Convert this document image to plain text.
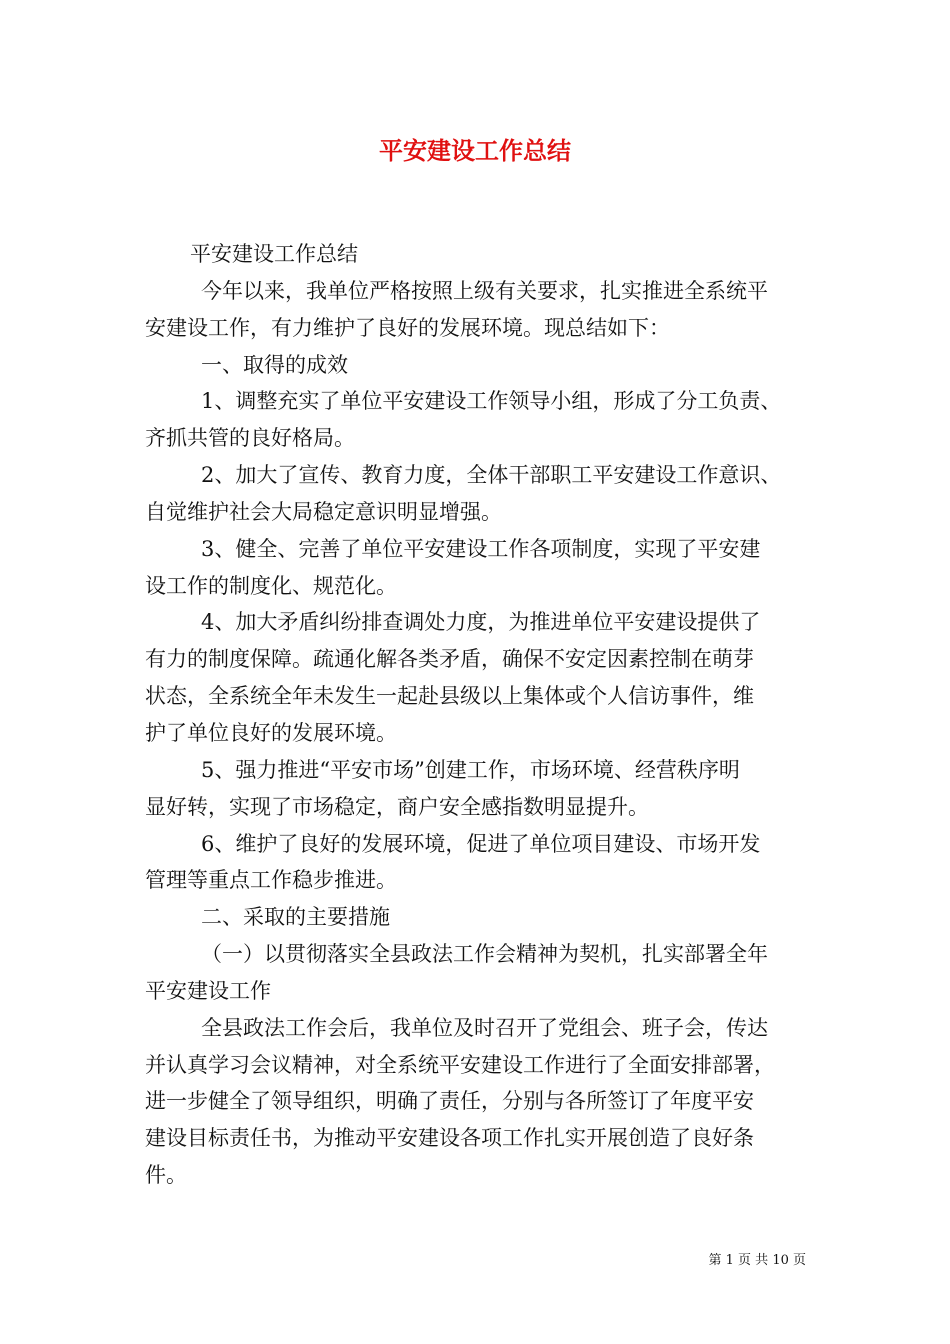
平安建设工作总结
平安建设工作总结
今年以来，我单位严格按照上级有关要求，扎实推进全系统平
安建设工作，有力维护了良好的发展环境。现总结如下：
一、取得的成效
1、调整充实了单位平安建设工作领导小组，形成了分工负责、
齐抓共管的良好格局。
2、加大了宣传、教育力度，全体干部职工平安建设工作意识、
自觉维护社会大局稳定意识明显增强。
3、健全、完善了单位平安建设工作各项制度，实现了平安建
设工作的制度化、规范化。
4、加大矛盾纠纷排查调处力度，为推进单位平安建设提供了
有力的制度保障。疏通化解各类矛盾，确保不安定因素控制在萌芽
状态，全系统全年未发生一起赴县级以上集体或个人信访事件，维
护了单位良好的发展环境。
5、强力推进“平安市场”创建工作，市场环境、经营秩序明
显好转，实现了市场稳定，商户安全感指数明显提升。
6、维护了良好的发展环境，促进了单位项目建设、市场开发
管理等重点工作稳步推进。
二、采取的主要措施
（一）以贯彻落实全县政法工作会精神为契机，扎实部署全年
平安建设工作
全县政法工作会后，我单位及时召开了党组会、班子会，传达
并认真学习会议精神，对全系统平安建设工作进行了全面安排部署，
进一步健全了领导组织，明确了责任，分别与各所签订了年度平安
建设目标责任书，为推动平安建设各项工作扎实开展创造了良好条
件。
第 1 页 共 10 页
